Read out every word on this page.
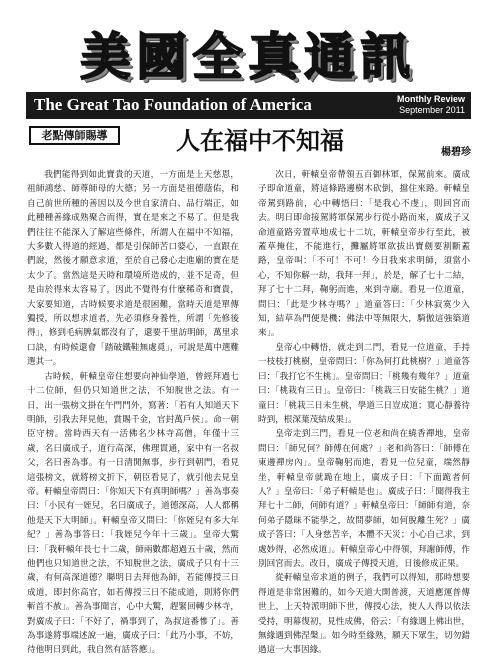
美國全真通訊
The Great Tao Foundation of America	Monthly Review
September 2011
老點傳師賜導	人在福中不知福	楊碧珍

我們能得到如此寶貴的天道，一方面是上天慈恩，祖師鴻慈、師尊師母的大德；另一方面是祖德蔭佑，和自己前世所種的善因以及今世自家清白、品行端正，如此種種善緣成熟聚合而得，實在是來之不易了。但是我們往往不能深入了解這些條件，所謂人在福中不知福，大多數人得道的經過，都是引保師苦口婆心，一直跟在們說，然後才願意求道，至於自己發心走進廟的實在是太少了。當然這是天時和環境所造成的，並不足奇，但是由於得來太容易了，因此不覺得有什麼稀奇和寶貴，大家要知道，古時候要求道是很困難，當時天道是單傳獨授，所以想求道者，先必須修身養性，所謂「先修後得」，修到毛病脾氣都沒有了，還要千里訪明師，萬里求口訣，有時候還會「踏破鐵鞋無處覓」，可說是萬中選難選其一。

古時候，軒轅皇帝住想要向神仙學道，曾經拜過七十二位師，但仍只知道世之法，不知脫世之法。有一日，出一張榜文掛在午門門外，寫著：「若有人知道天下明師，引我去拜見他，賞賜千金，官封萬戶侯」。命一朝臣守榜。當時西天有一活佛名少林寺高僧，年僅十三歲，名曰廣成子，道行高深，佛理貫通，家中有一名叔父，名曰善為事。有一日清閒無事，步行到朝門，看見這張榜文，就將榜文折下，朝臣看見了，就引他去見皇帝。軒轅皇帝問曰：「你知天下有真明師嗎？」善為事奏曰：「小民有一姪兒，名曰廣成子，道德深高，人人都稱他是天下大明師」。軒轅皇帝又問曰：「你姪兒有多大年紀？」善為事答曰：「我姪兒今年十三歲」。皇帝大驚曰：「我軒轅年長七十二歲，師兩數都超過五十歲，然而他們也只知道世之法，不知脫世之法，廣成子只有十三歲，有何高深道德？聯明日去拜他為師，若能傳授三日成道，即封你高官，如若傳授三日不能成道，則將你們斬首不赦」。善為事聞言，心中大驚，趕緊回轉少林寺，對廣成子曰：「不好了，禍事到了，為叔這番慘了」。善為事遂將事端述說一遍，廣成子曰：「此乃小事，不妨，待他明日到此，我自然有話答應」。

次日，軒轅皇帝帶領五百御林軍，保駕前來。廣成子即命道童，將這條路邊樹木砍倒，擋住來路。軒轅皇帝駕到路前，心中轉悟曰：「是我心不虔」，則回宮而去。明日即命接駕將軍保駕步行從小路而來，廣成子又命道童路旁置草地成七十二坑，軒轅皇帝步行至此，被蓋草掩住，不能進行，攤屬將軍欲拔出寶劍要割斷蓋路，皇帝叫：「不可！不可！今日我來求明師，須當小心，不知你解一劫，我拜一拜」，於是，解了七十二結，拜了七十二拜，鞠躬而進，來到寺廟。看見一位道童，問曰：「此是少林寺嗎？」道童答曰：「少林寂寞少入知，結草為門便是機；佛法中等無限大，騎傲這強築道來」。

皇帝心中轉悟，就走到二門，看見一位道童，手持一枝枝打桃樹，皇帝問曰：「你為何打此桃樹？」道童答曰：「我打它不生桃」。皇帝問曰：「桃幾有幾年？」道童曰：「桃栽有三日」。皇帝曰：「桃栽三日安能生桃？」道童曰：「桃栽三日未生桃，學道三日豈成道；寬心靜養待時到，根深葉茂結成果」。

皇帝走到三門，看見一位老和尚在繞香禪地，皇帝問曰：「師兄何？師傅在何處？」老和尚答曰：「師傅在東邊禪房內」。皇帝鞠躬而進，看見一位兒童，端然靜坐，軒轅皇帝就跪在地上，廣成子曰：「下面跪者何人？」皇帝曰：「弟子軒轅是也」。廣成子曰：「聞得我主拜七十二師，何師有道？」軒轅皇帝曰：「師師有道，奈何弟子隱昧不能學之，故問夢師，如何脫離生死？」廣成子答曰：「人身慈苦辛，本體不天災；小心自己求，到處妙得，必然成道」。軒轅皇帝心中得領，拜謝師傅，作別回宮而去。改日，廣成子傳授天道，日後修成正果。

從軒轅皇帝求道的例子，我們可以得知，那時想要得道是非常困難的，如今天道大開普渡，天道應運普傳世上，上天特派明師下世，傳授心法，使人人得以依法受持，明幕復初，見性成佛，俗云：「有緣遇上佛出世，無緣遇到佛涅槃」。如今時至緣熟，願天下眾生，切勿錯過這一大事因緣。
